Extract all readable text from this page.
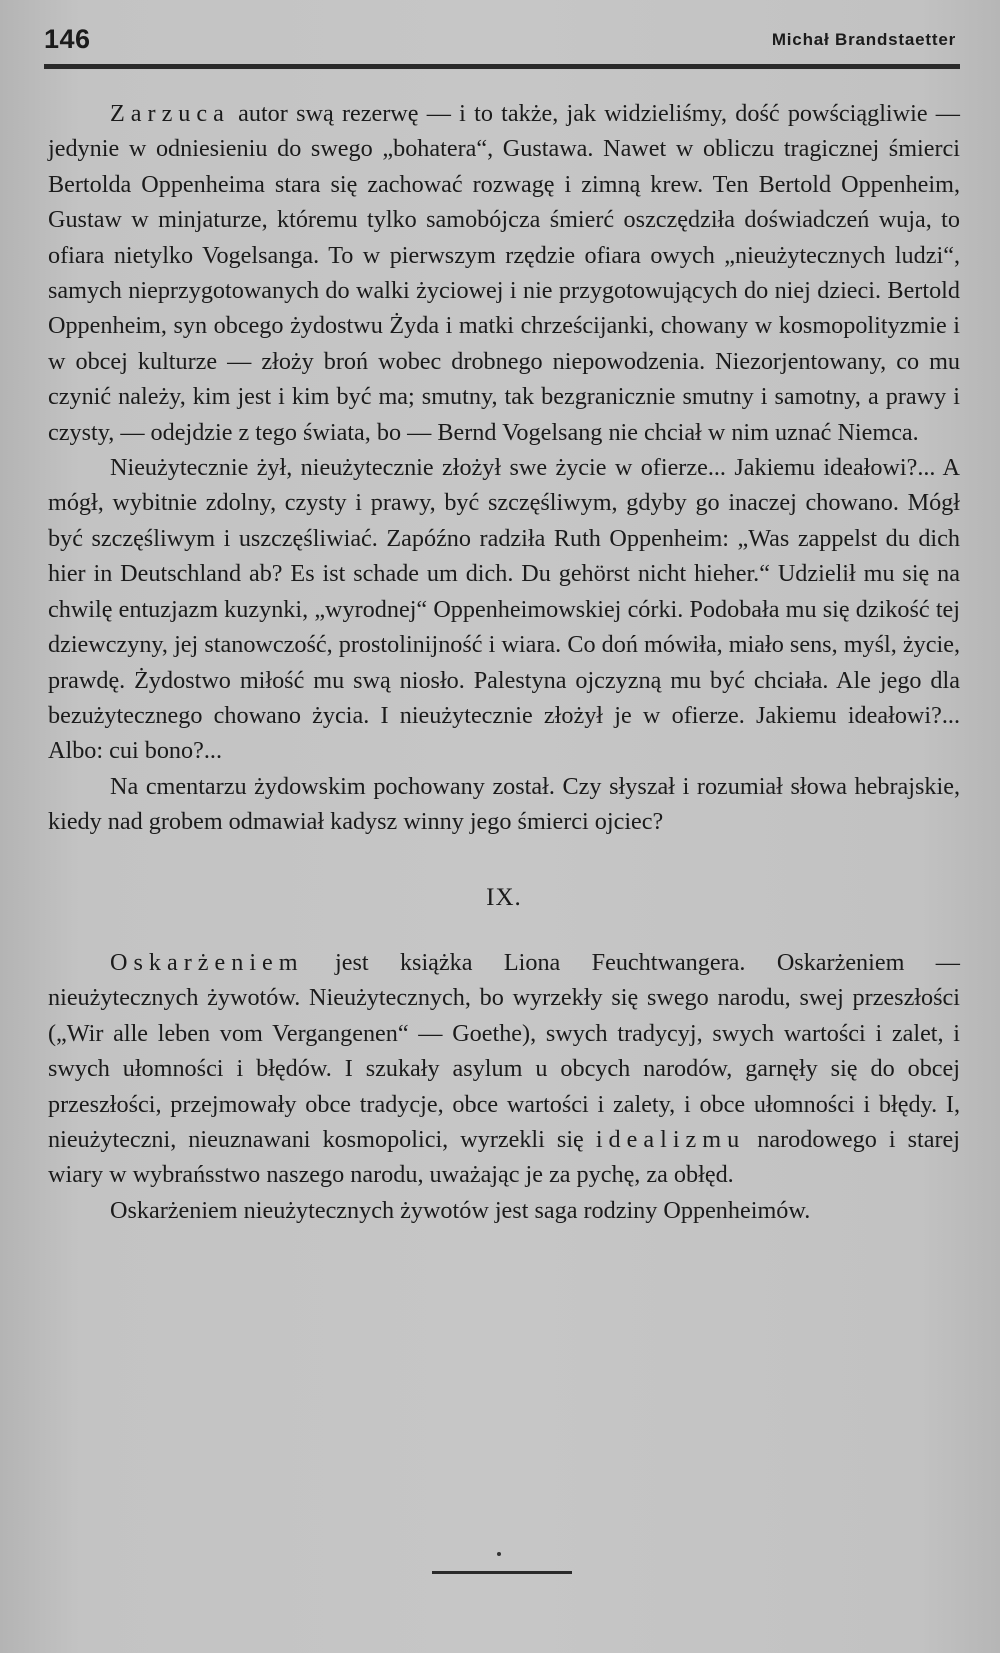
146	Michał Brandstaetter

Zarzuca autor swą rezerwę — i to także, jak widzieliśmy, dość powściągliwie — jedynie w odniesieniu do swego „bohatera“, Gustawa. Nawet w obliczu tragicznej śmierci Bertolda Oppenheima stara się zachować rozwagę i zimną krew. Ten Bertold Oppenheim, Gustaw w minjaturze, któremu tylko samobójcza śmierć oszczędziła doświadczeń wuja, to ofiara nietylko Vogelsanga. To w pierwszym rzędzie ofiara owych „nieużytecznych ludzi“, samych nieprzygotowanych do walki życiowej i nie przygotowujących do niej dzieci. Bertold Oppenheim, syn obcego żydostwu Żyda i matki chrześcijanki, chowany w kosmopolityzmie i w obcej kulturze — złoży broń wobec drobnego niepowodzenia. Niezorjentowany, co mu czynić należy, kim jest i kim być ma; smutny, tak bezgranicznie smutny i samotny, a prawy i czysty, — odejdzie z tego świata, bo — Bernd Vogelsang nie chciał w nim uznać Niemca.

Nieużytecznie żył, nieużytecznie złożył swe życie w ofierze... Jakiemu ideałowi?... A mógł, wybitnie zdolny, czysty i prawy, być szczęśliwym, gdyby go inaczej chowano. Mógł być szczęśliwym i uszczęśliwiać. Zapóźno radziła Ruth Oppenheim: „Was zappelst du dich hier in Deutschland ab? Es ist schade um dich. Du gehörst nicht hieher.“ Udzielił mu się na chwilę entuzjazm kuzynki, „wyrodnej“ Oppenheimowskiej córki. Podobała mu się dzikość tej dziewczyny, jej stanowczość, prostolinijność i wiara. Co doń mówiła, miało sens, myśl, życie, prawdę. Żydostwo miłość mu swą niosło. Palestyna ojczyzną mu być chciała. Ale jego dla bezużytecznego chowano życia. I nieużytecznie złożył je w ofierze. Jakiemu ideałowi?... Albo: cui bono?...

Na cmentarzu żydowskim pochowany został. Czy słyszał i rozumiał słowa hebrajskie, kiedy nad grobem odmawiał kadysz winny jego śmierci ojciec?

IX.

Oskarżeniem jest książka Liona Feuchtwangera. Oskarżeniem — nieużytecznych żywotów. Nieużytecznych, bo wyrzekły się swego narodu, swej przeszłości („Wir alle leben vom Vergangenen“ — Goethe), swych tradycyj, swych wartości i zalet, i swych ułomności i błędów. I szukały asylum u obcych narodów, garnęły się do obcej przeszłości, przejmowały obce tradycje, obce wartości i zalety, i obce ułomności i błędy. I, nieużyteczni, nieuznawani kosmopolici, wyrzekli się idealizmu narodowego i starej wiary w wybrańsstwo naszego narodu, uważając je za pychę, za obłęd.

Oskarżeniem nieużytecznych żywotów jest saga rodziny Oppenheimów.
